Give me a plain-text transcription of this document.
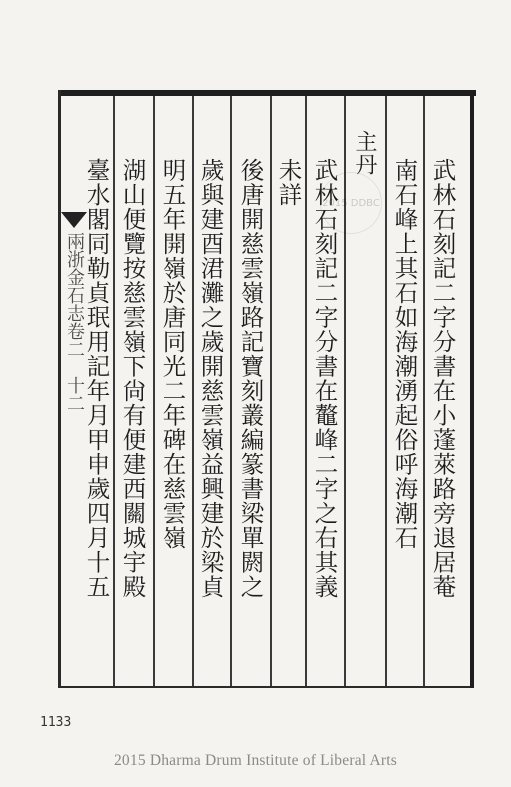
武林石刻記二字分書在小蓬萊路旁退居菴
南石峰上其石如海潮湧起俗呼海潮石
主丹
武林石刻記二字分書在鼇峰二字之右其義
未詳
後唐開慈雲嶺路記寶刻叢編篆書梁單閼之
歲與建酉涒灘之歲開慈雲嶺益興建於梁貞
明五年開嶺於唐同光二年碑在慈雲嶺
湖山便覽按慈雲嶺下尙有便建西關城宇殿
臺水閣同勒貞珉用記年月甲申歲四月十五
兩浙金石志卷二　十二
2015 DDBC
1133
2015 Dharma Drum Institute of Liberal Arts
